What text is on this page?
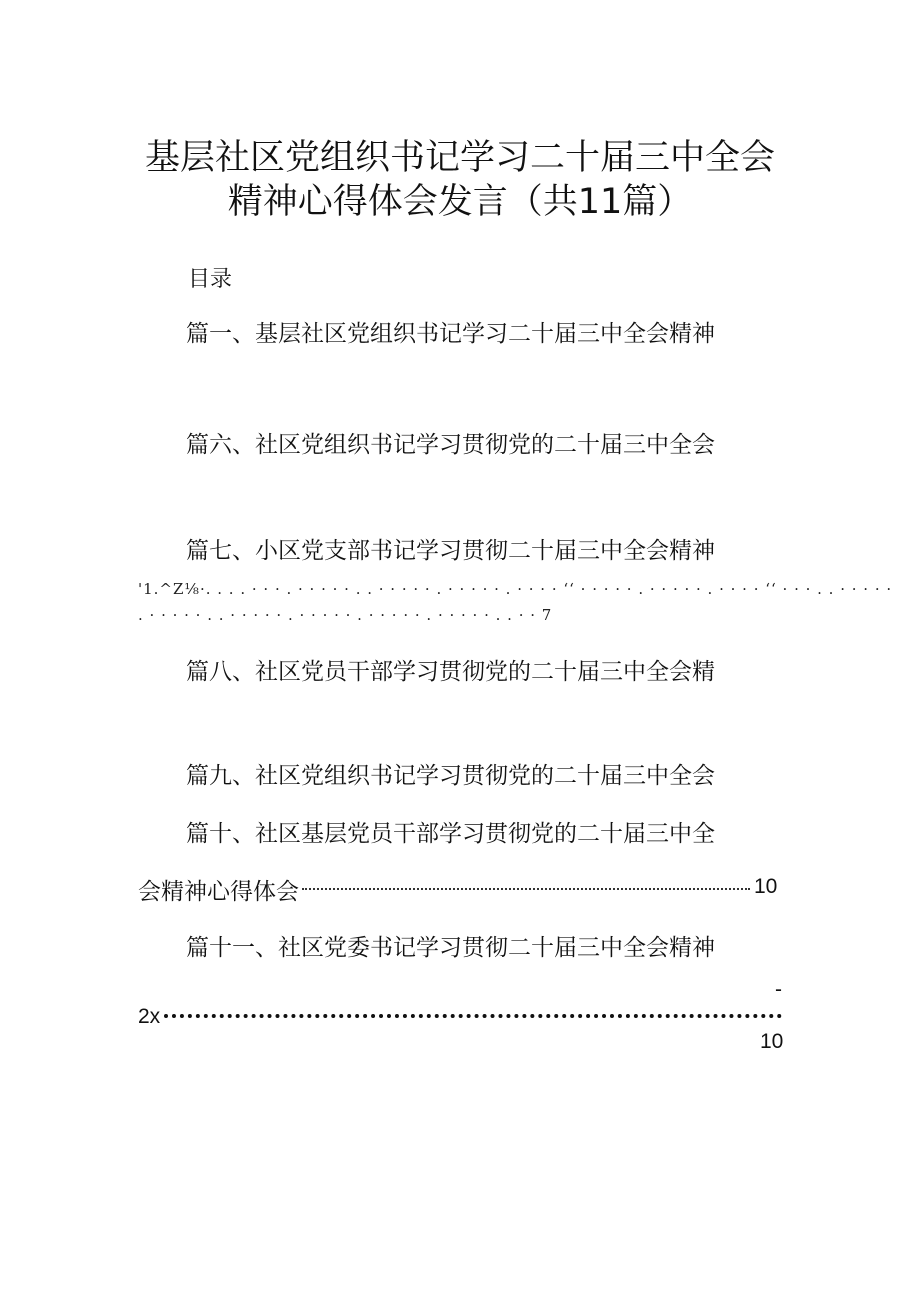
基层社区党组织书记学习二十届三中全会
精神心得体会发言（共11篇）
目录
篇一、基层社区党组织书记学习二十届三中全会精神
篇六、社区党组织书记学习贯彻党的二十届三中全会
篇七、小区党支部书记学习贯彻二十届三中全会精神
'1.^Z⅛·. . . . · · · . · · · · · . . · · · · · . · · · · · . · · · · ‘‘ · · · · · . · · · · · . · · · · ‘‘ · · · . . · · · · ·
. · · · · · . . · · · · · . · · · · · . · · · · · . · · · · · . . · · 7
篇八、社区党员干部学习贯彻党的二十届三中全会精
篇九、社区党组织书记学习贯彻党的二十届三中全会
篇十、社区基层党员干部学习贯彻党的二十届三中全
会精神心得体会	10
篇十一、社区党委书记学习贯彻二十届三中全会精神
-
2x
10
